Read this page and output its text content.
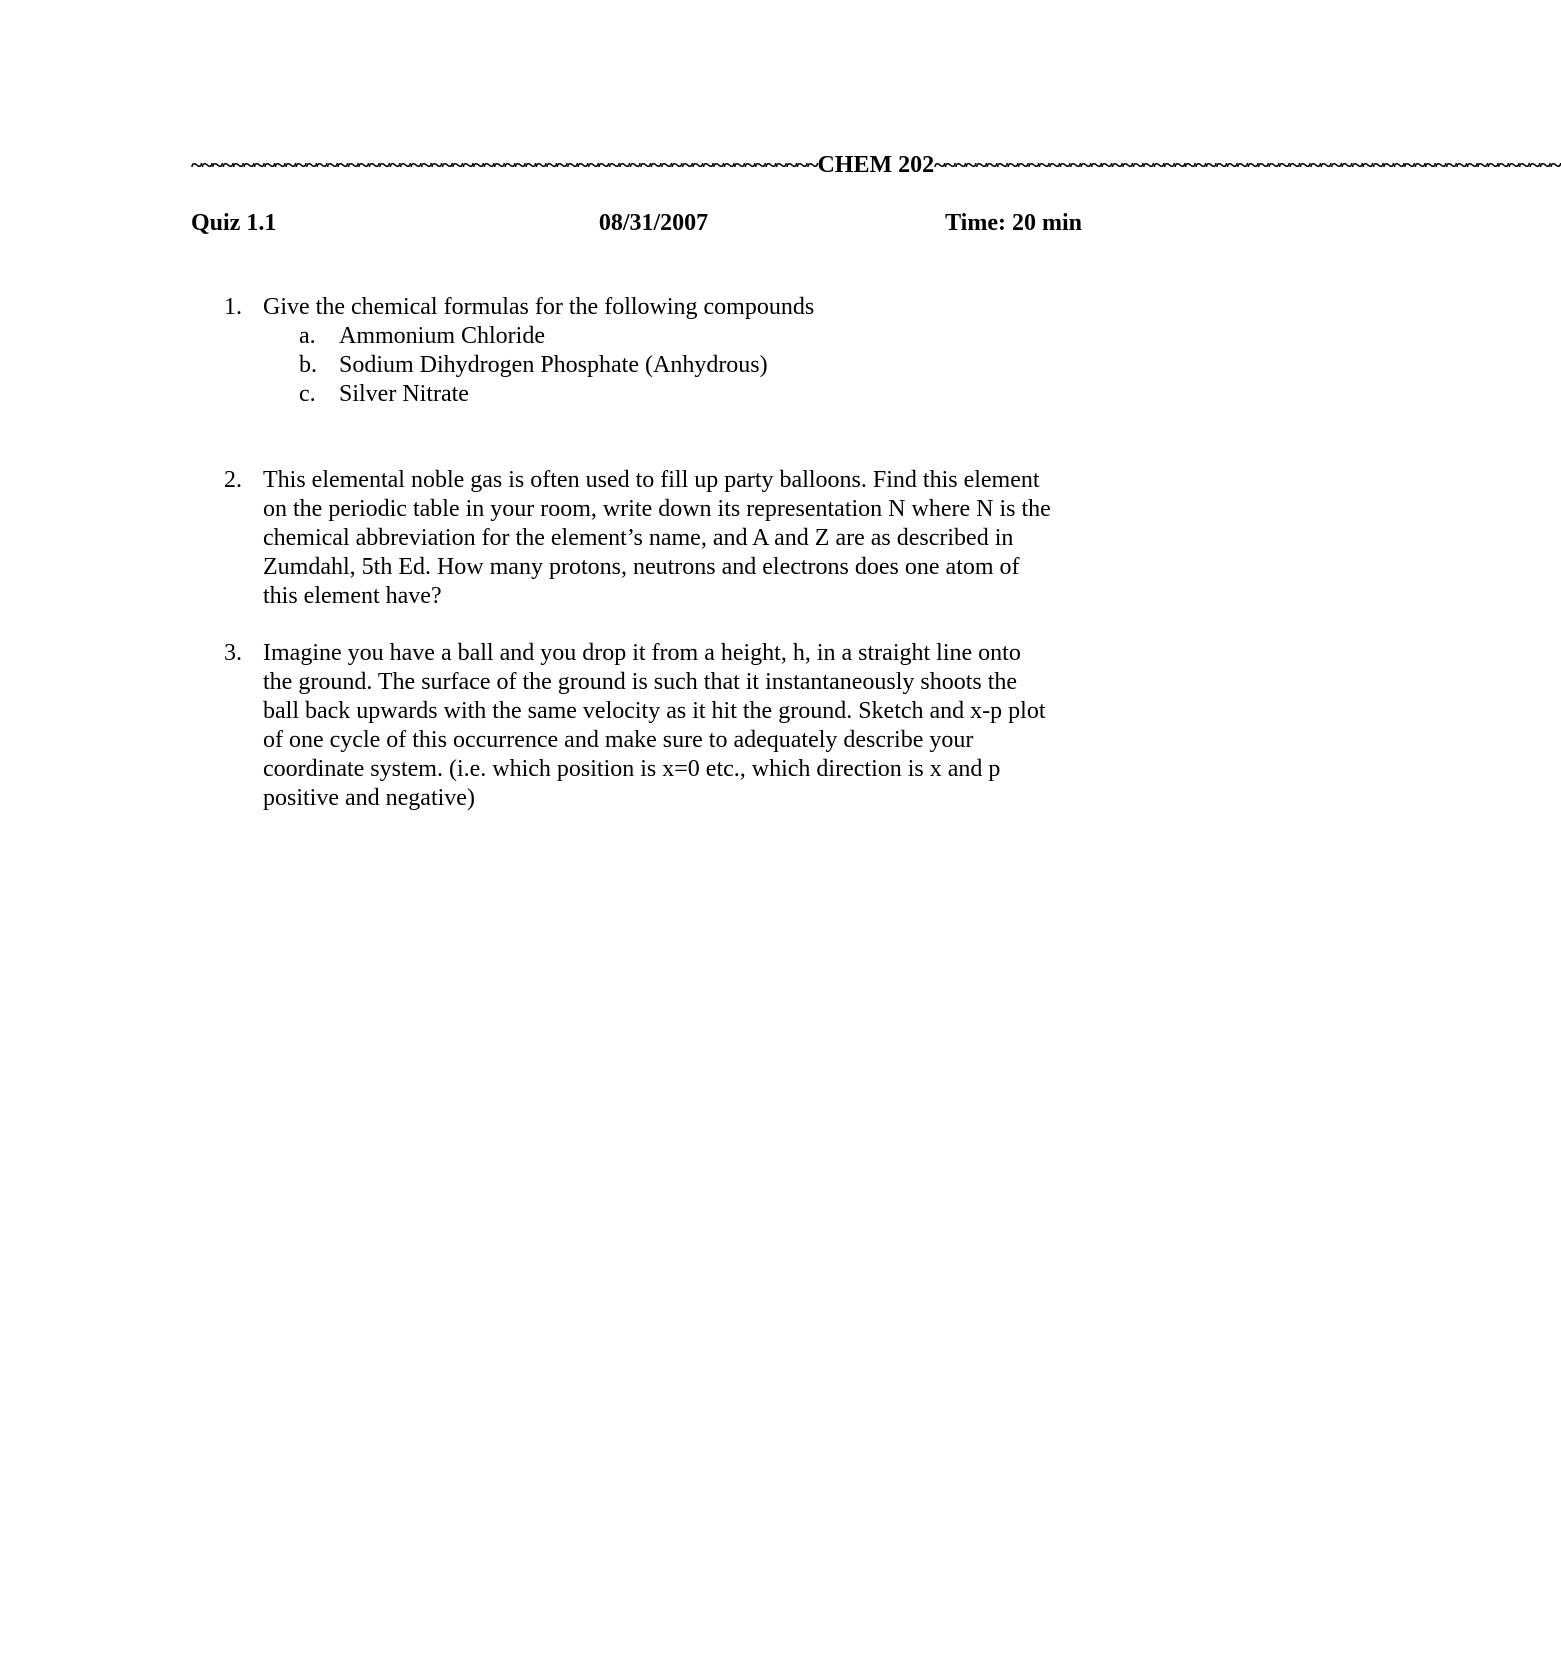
~~~~~~~~~~~~~~~~~~~~~~~~~~~~~~~~~~~~~~~~~~~~~~~~~~~~~~~~~~~~ CHEM 202 ~~~~~~~~~~~~~~~~~~~~~~~~~~~~~~~~~~~~~~~~~~~~~~~~~~~~~~~~~~~~
Quiz 1.1	08/31/2007	Time: 20 min
1. Give the chemical formulas for the following compounds
a. Ammonium Chloride
b. Sodium Dihydrogen Phosphate (Anhydrous)
c. Silver Nitrate
2. This elemental noble gas is often used to fill up party balloons. Find this element
on the periodic table in your room, write down its representation N where N is the
chemical abbreviation for the element’s name, and A and Z are as described in
Zumdahl, 5th Ed. How many protons, neutrons and electrons does one atom of
this element have?
3. Imagine you have a ball and you drop it from a height, h, in a straight line onto
the ground. The surface of the ground is such that it instantaneously shoots the
ball back upwards with the same velocity as it hit the ground. Sketch and x-p plot
of one cycle of this occurrence and make sure to adequately describe your
coordinate system. (i.e. which position is x=0 etc., which direction is x and p
positive and negative)
